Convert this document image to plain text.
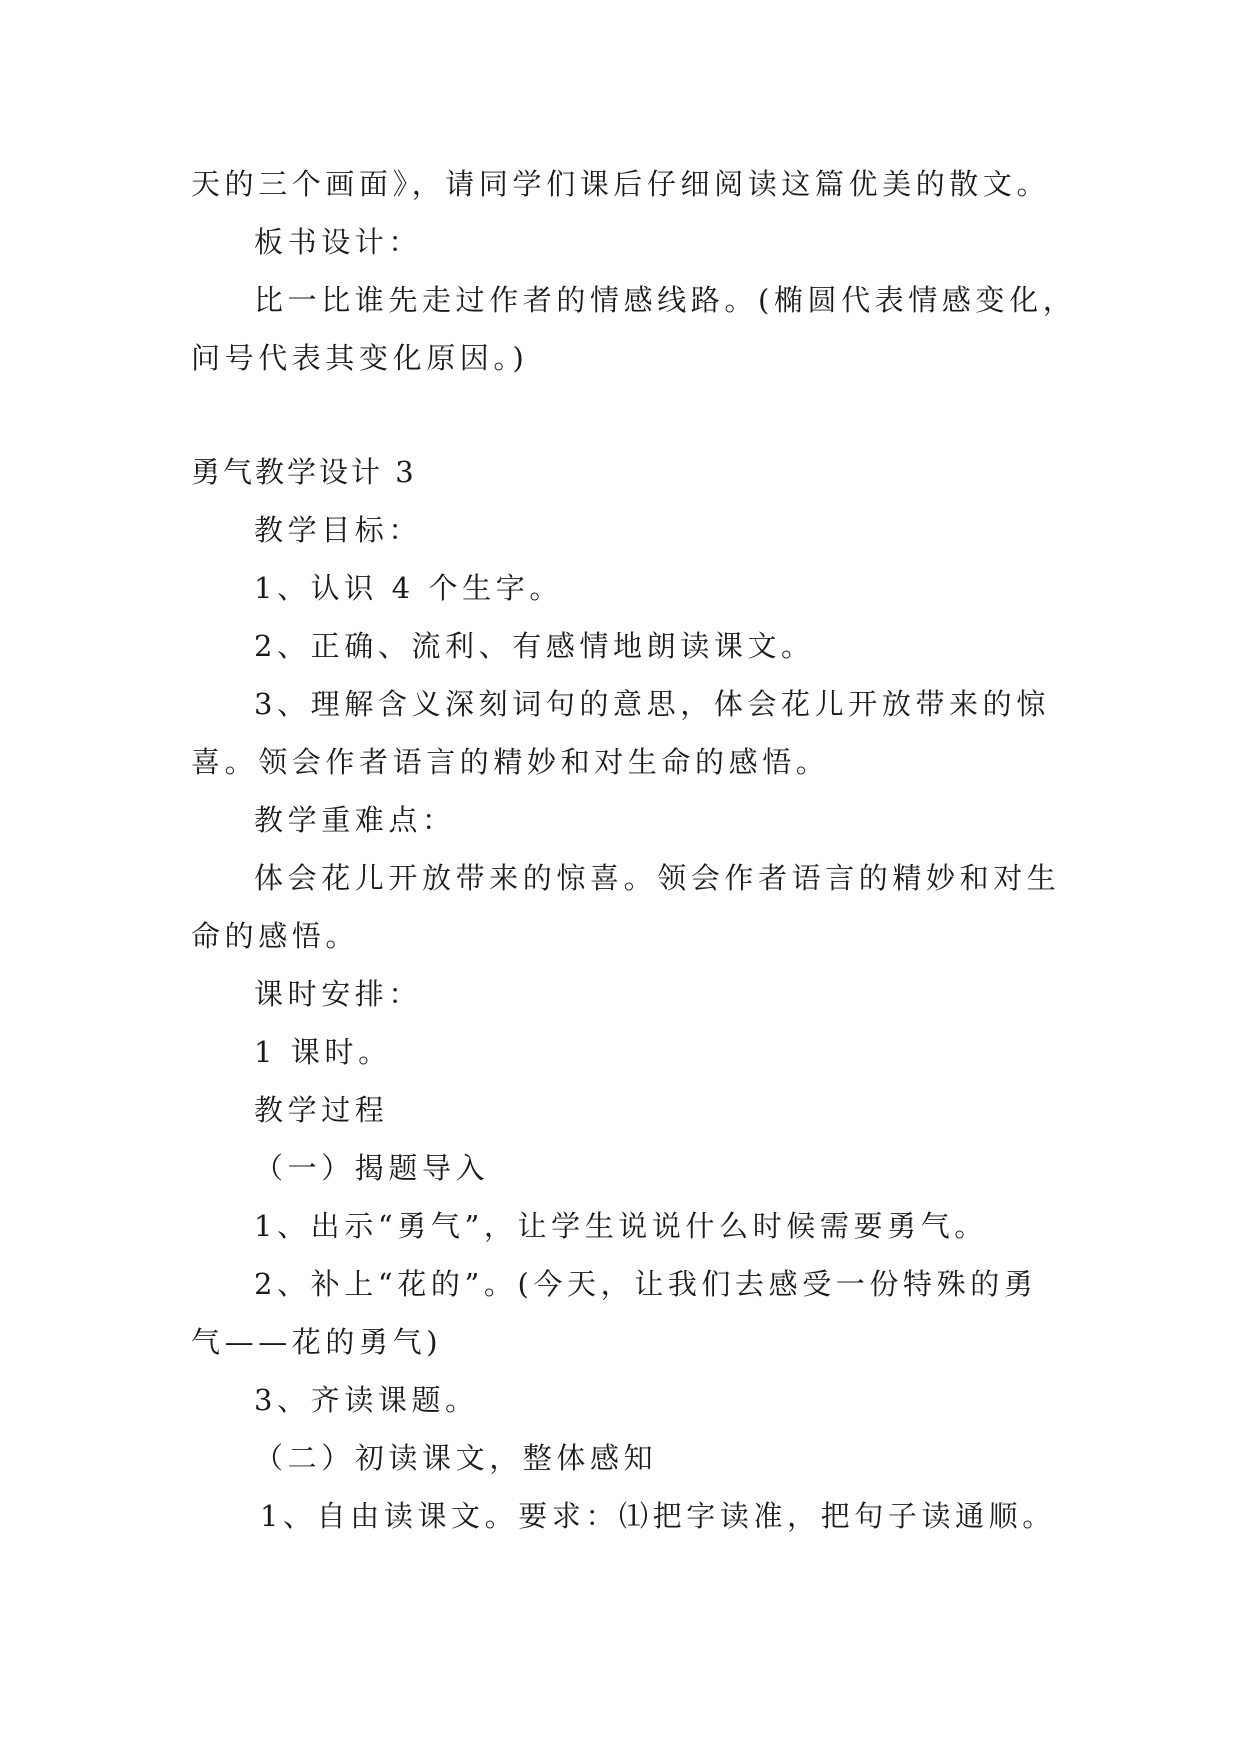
天的三个画面》，请同学们课后仔细阅读这篇优美的散文。
板书设计：
比一比谁先走过作者的情感线路。(椭圆代表情感变化，
问号代表其变化原因。)
勇气教学设计 3
教学目标：
1、认识 4 个生字。
2、正确、流利、有感情地朗读课文。
3、理解含义深刻词句的意思，体会花儿开放带来的惊
喜。领会作者语言的精妙和对生命的感悟。
教学重难点：
体会花儿开放带来的惊喜。领会作者语言的精妙和对生
命的感悟。
课时安排：
1 课时。
教学过程
（一）揭题导入
1、出示“勇气”，让学生说说什么时候需要勇气。
2、补上“花的”。(今天，让我们去感受一份特殊的勇
气——花的勇气)
3、齐读课题。
（二）初读课文，整体感知
1、自由读课文。要求：⑴把字读准，把句子读通顺。
